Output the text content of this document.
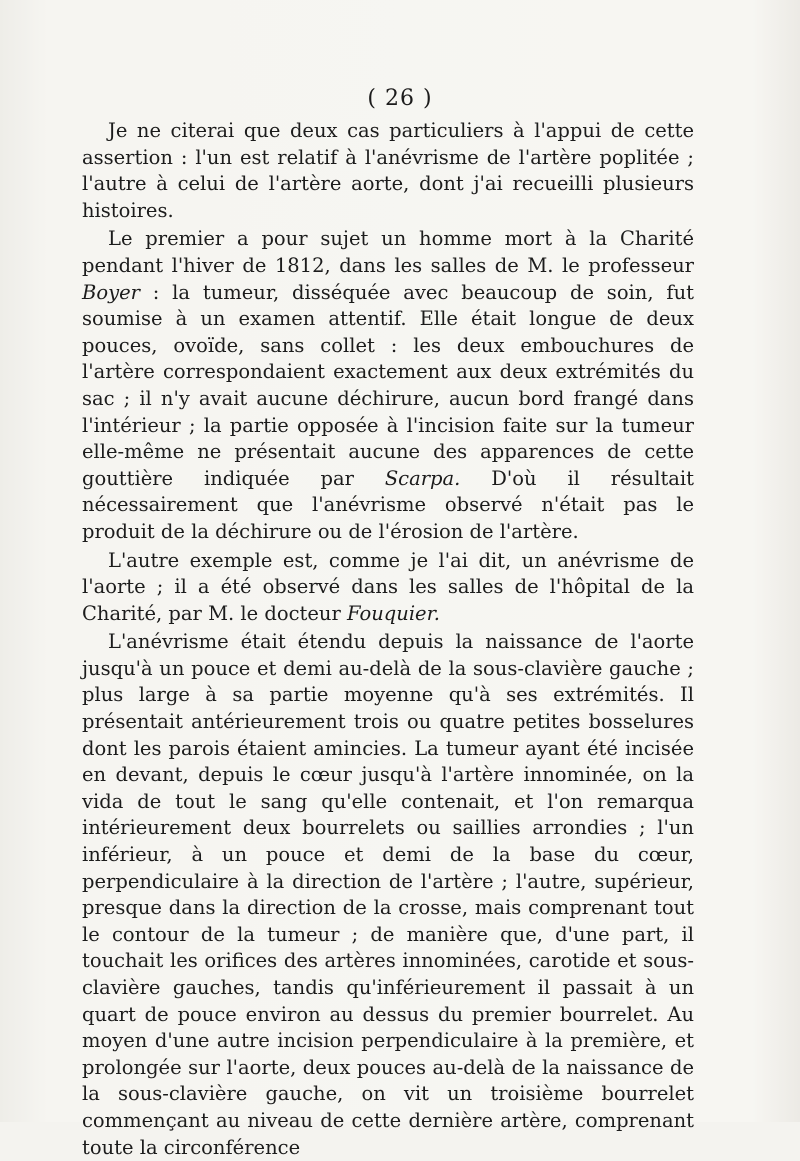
( 26 )

Je ne citerai que deux cas particuliers à l'appui de cette assertion : l'un est relatif à l'anévrisme de l'artère poplitée ; l'autre à celui de l'artère aorte, dont j'ai recueilli plusieurs histoires.

Le premier a pour sujet un homme mort à la Charité pendant l'hiver de 1812, dans les salles de M. le professeur Boyer : la tumeur, disséquée avec beaucoup de soin, fut soumise à un examen attentif. Elle était longue de deux pouces, ovoïde, sans collet : les deux embouchures de l'artère correspondaient exactement aux deux extrémités du sac ; il n'y avait aucune déchirure, aucun bord frangé dans l'intérieur ; la partie opposée à l'incision faite sur la tumeur elle-même ne présentait aucune des apparences de cette gouttière indiquée par Scarpa. D'où il résultait nécessairement que l'anévrisme observé n'était pas le produit de la déchirure ou de l'érosion de l'artère.

L'autre exemple est, comme je l'ai dit, un anévrisme de l'aorte ; il a été observé dans les salles de l'hôpital de la Charité, par M. le docteur Fouquier.

L'anévrisme était étendu depuis la naissance de l'aorte jusqu'à un pouce et demi au-delà de la sous-clavière gauche ; plus large à sa partie moyenne qu'à ses extrémités. Il présentait antérieurement trois ou quatre petites bosselures dont les parois étaient amincies. La tumeur ayant été incisée en devant, depuis le cœur jusqu'à l'artère innominée, on la vida de tout le sang qu'elle contenait, et l'on remarqua intérieurement deux bourrelets ou saillies arrondies ; l'un inférieur, à un pouce et demi de la base du cœur, perpendiculaire à la direction de l'artère ; l'autre, supérieur, presque dans la direction de la crosse, mais comprenant tout le contour de la tumeur ; de manière que, d'une part, il touchait les orifices des artères innominées, carotide et sous-clavière gauches, tandis qu'inférieurement il passait à un quart de pouce environ au dessus du premier bourrelet. Au moyen d'une autre incision perpendiculaire à la première, et prolongée sur l'aorte, deux pouces au-delà de la naissance de la sous-clavière gauche, on vit un troisième bourrelet commençant au niveau de cette dernière artère, comprenant toute la circonférence
